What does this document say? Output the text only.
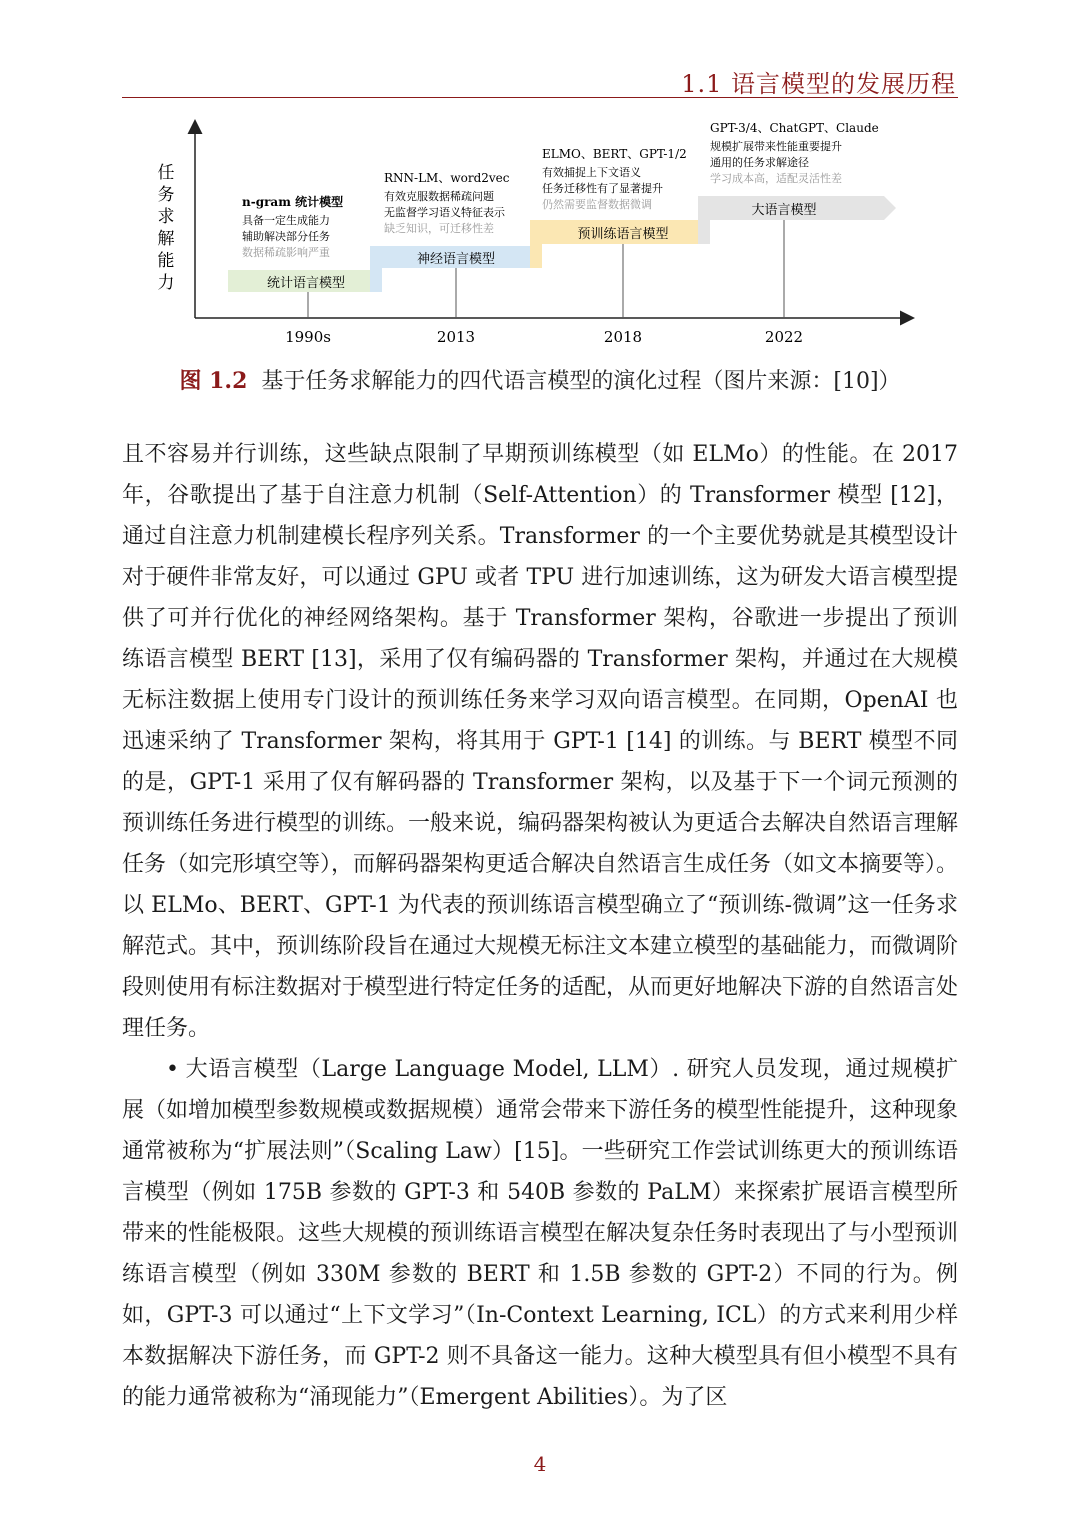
1.1 语言模型的发展历程
任
务
求
解
能
力
1990s	2013	2018	2022
统计语言模型
n-gram 统计模型
具备一定生成能力
辅助解决部分任务
数据稀疏影响严重	神经语言模型
RNN-LM、word2vec
有效克服数据稀疏问题
无监督学习语义特征表示
缺乏知识，可迁移性差	预训练语言模型
ELMO、BERT、GPT-1/2
有效捕捉上下文语义
任务迁移性有了显著提升
仍然需要监督数据微调	大语言模型
GPT-3/4、ChatGPT、Claude
规模扩展带来性能重要提升
通用的任务求解途径
学习成本高，适配灵活性差
图 1.2 基于任务求解能力的四代语言模型的演化过程（图片来源：[10]）

且不容易并行训练，这些缺点限制了早期预训练模型（如 ELMo）的性能。在 2017 年，谷歌提出了基于自注意力机制（Self-Attention）的 Transformer 模型 [12]，通过自注意力机制建模长程序列关系。Transformer 的一个主要优势就是其模型设计对于硬件非常友好，可以通过 GPU 或者 TPU 进行加速训练，这为研发大语言模型提供了可并行优化的神经网络架构。基于 Transformer 架构，谷歌进一步提出了预训练语言模型 BERT [13]，采用了仅有编码器的 Transformer 架构，并通过在大规模无标注数据上使用专门设计的预训练任务来学习双向语言模型。在同期，OpenAI 也迅速采纳了 Transformer 架构，将其用于 GPT-1 [14] 的训练。与 BERT 模型不同的是，GPT-1 采用了仅有解码器的 Transformer 架构，以及基于下一个词元预测的预训练任务进行模型的训练。一般来说，编码器架构被认为更适合去解决自然语言理解任务（如完形填空等），而解码器架构更适合解决自然语言生成任务（如文本摘要等）。以 ELMo、BERT、GPT-1 为代表的预训练语言模型确立了“预训练-微调”这一任务求解范式。其中，预训练阶段旨在通过大规模无标注文本建立模型的基础能力，而微调阶段则使用有标注数据对于模型进行特定任务的适配，从而更好地解决下游的自然语言处理任务。

• 大语言模型（Large Language Model, LLM）. 研究人员发现，通过规模扩展（如增加模型参数规模或数据规模）通常会带来下游任务的模型性能提升，这种现象通常被称为“扩展法则”（Scaling Law）[15]。一些研究工作尝试训练更大的预训练语言模型（例如 175B 参数的 GPT-3 和 540B 参数的 PaLM）来探索扩展语言模型所带来的性能极限。这些大规模的预训练语言模型在解决复杂任务时表现出了与小型预训练语言模型（例如 330M 参数的 BERT 和 1.5B 参数的 GPT-2）不同的行为。例如，GPT-3 可以通过“上下文学习”（In-Context Learning, ICL）的方式来利用少样本数据解决下游任务，而 GPT-2 则不具备这一能力。这种大模型具有但小模型不具有的能力通常被称为“涌现能力”（Emergent Abilities）。为了区

4
